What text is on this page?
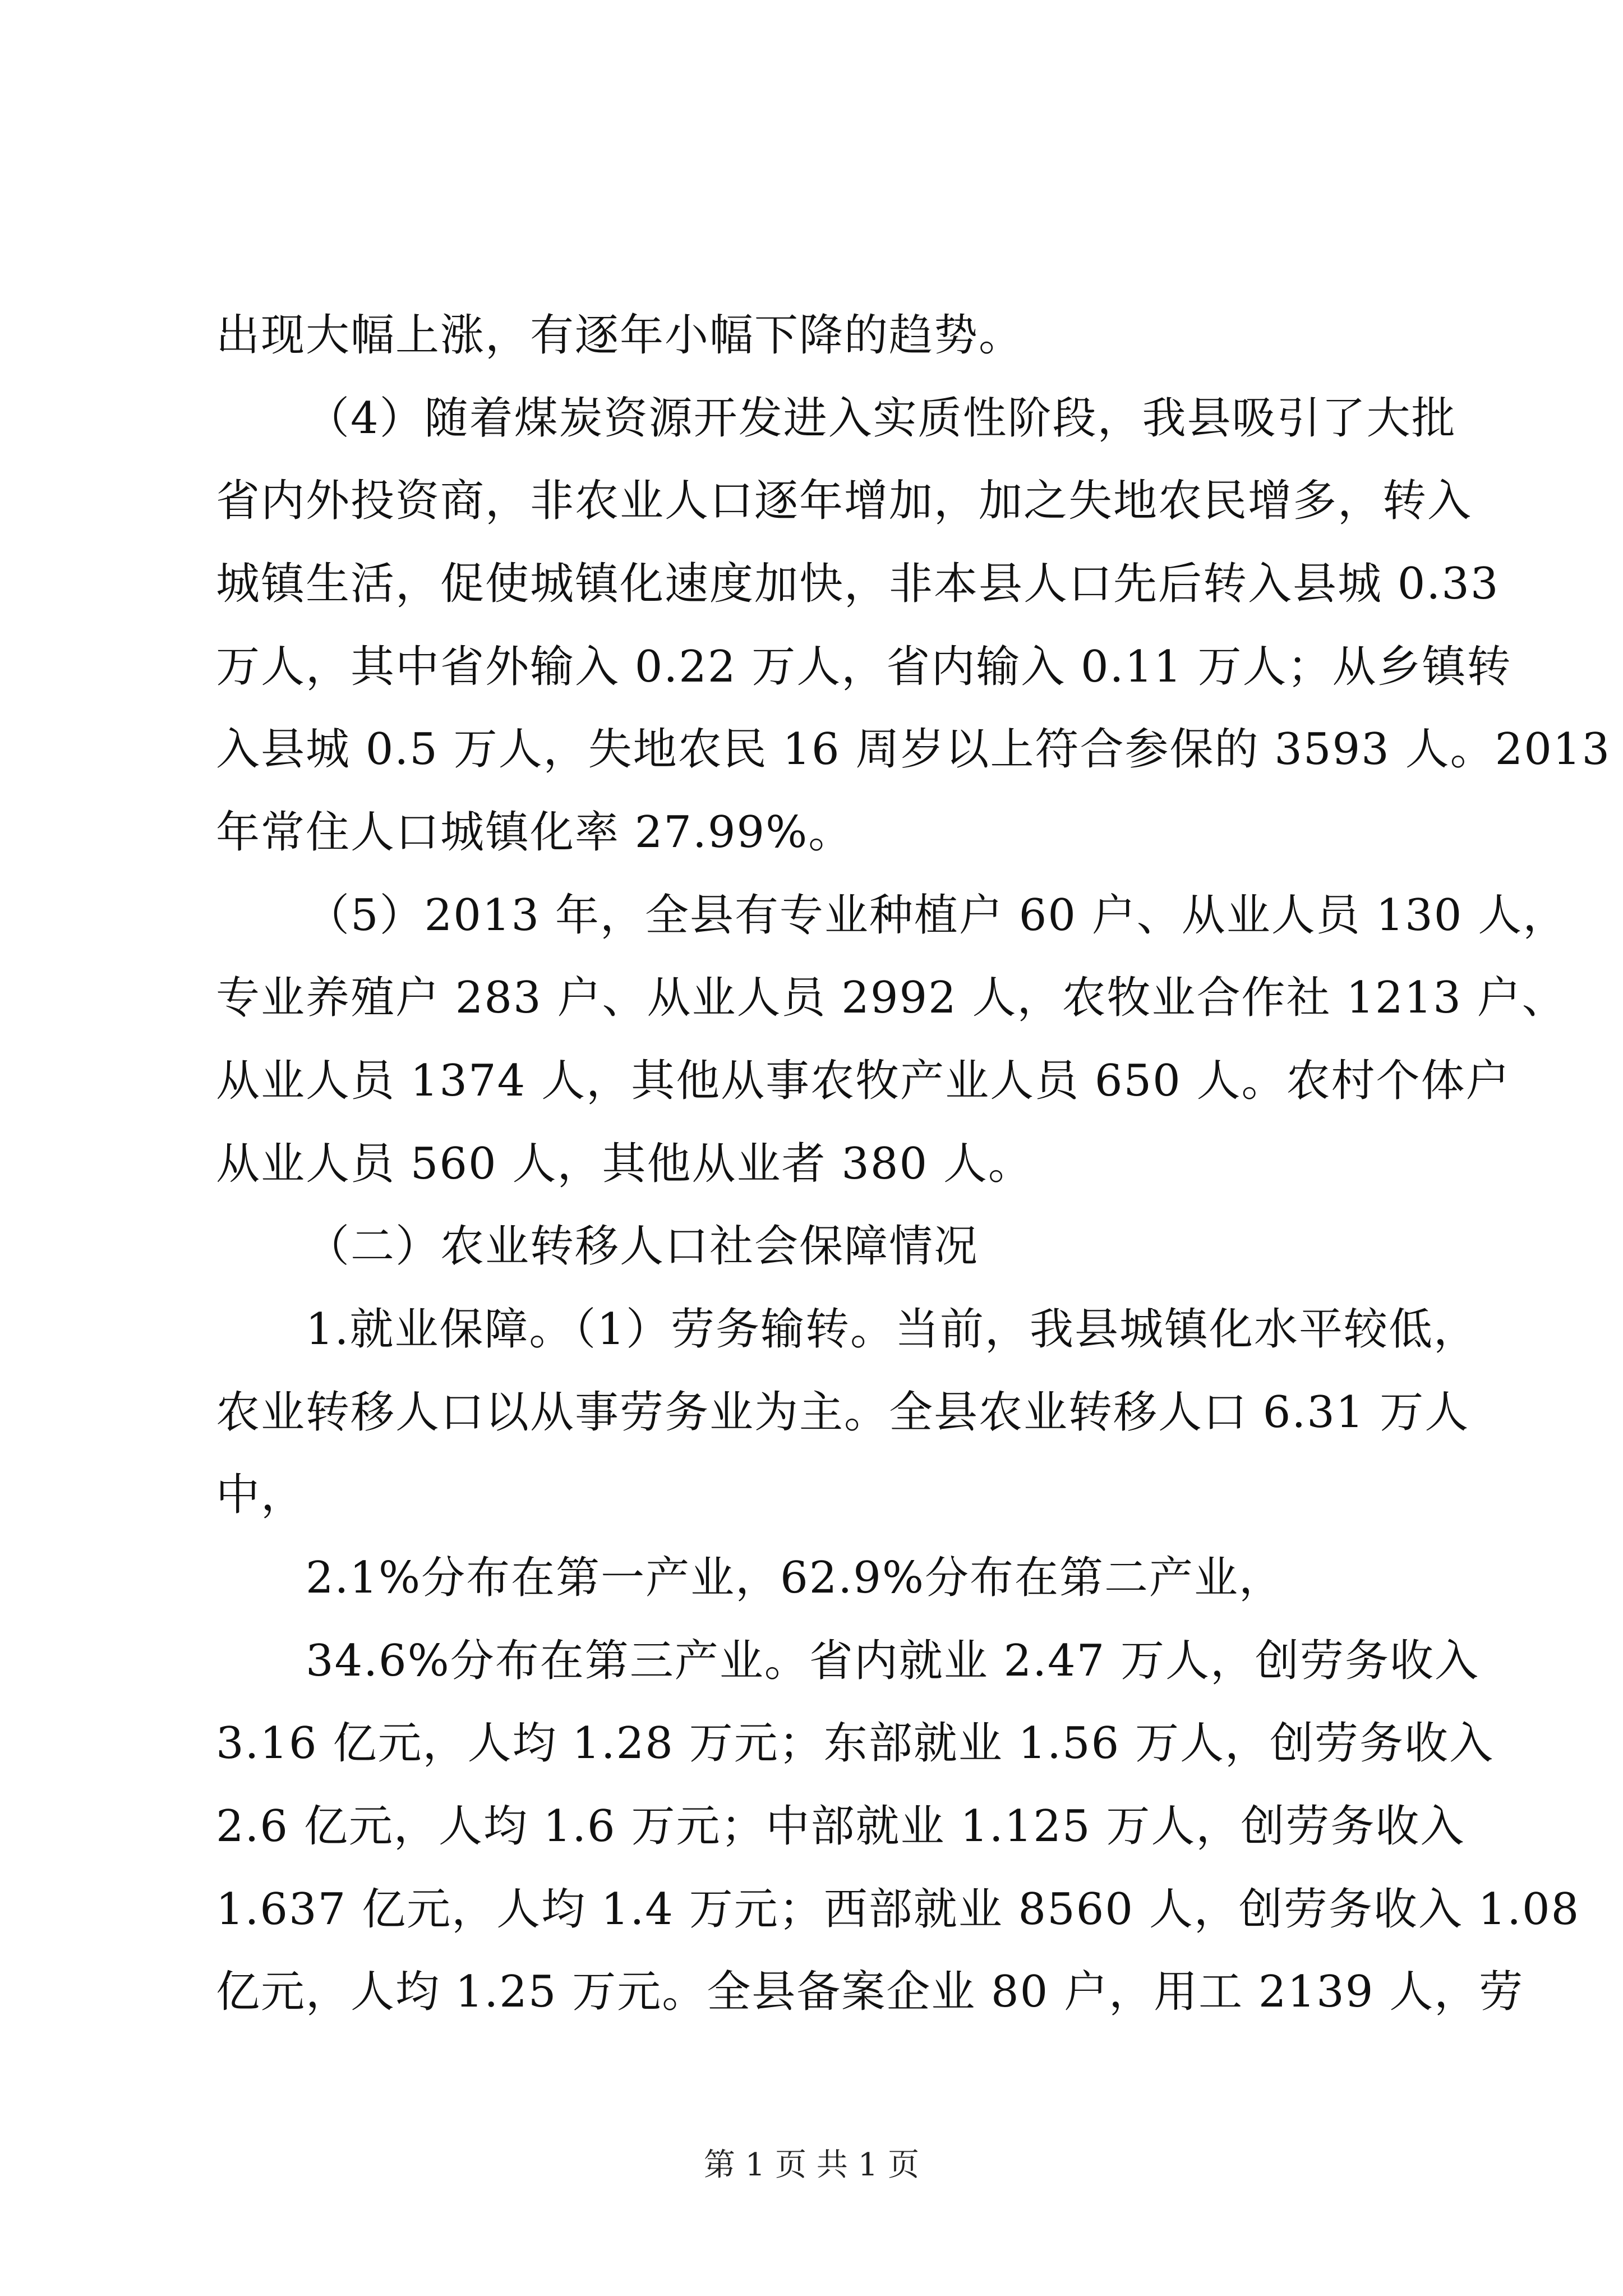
出现大幅上涨，有逐年小幅下降的趋势。
（4）随着煤炭资源开发进入实质性阶段，我县吸引了大批
省内外投资商，非农业人口逐年增加，加之失地农民增多，转入
城镇生活，促使城镇化速度加快，非本县人口先后转入县城 0.33
万人，其中省外输入 0.22 万人，省内输入 0.11 万人；从乡镇转
入县城 0.5 万人，失地农民 16 周岁以上符合参保的 3593 人。2013
年常住人口城镇化率 27.99%。
（5）2013 年，全县有专业种植户 60 户、从业人员 130 人，
专业养殖户 283 户、从业人员 2992 人，农牧业合作社 1213 户、
从业人员 1374 人，其他从事农牧产业人员 650 人。农村个体户
从业人员 560 人，其他从业者 380 人。
（二）农业转移人口社会保障情况
1.就业保障。（1）劳务输转。当前，我县城镇化水平较低，
农业转移人口以从事劳务业为主。全县农业转移人口 6.31 万人
中，
2.1%分布在第一产业，62.9%分布在第二产业，
34.6%分布在第三产业。省内就业 2.47 万人，创劳务收入
3.16 亿元，人均 1.28 万元；东部就业 1.56 万人，创劳务收入
2.6 亿元，人均 1.6 万元；中部就业 1.125 万人，创劳务收入
1.637 亿元，人均 1.4 万元；西部就业 8560 人，创劳务收入 1.08
亿元，人均 1.25 万元。全县备案企业 80 户，用工 2139 人，劳
第 1 页 共 1 页
